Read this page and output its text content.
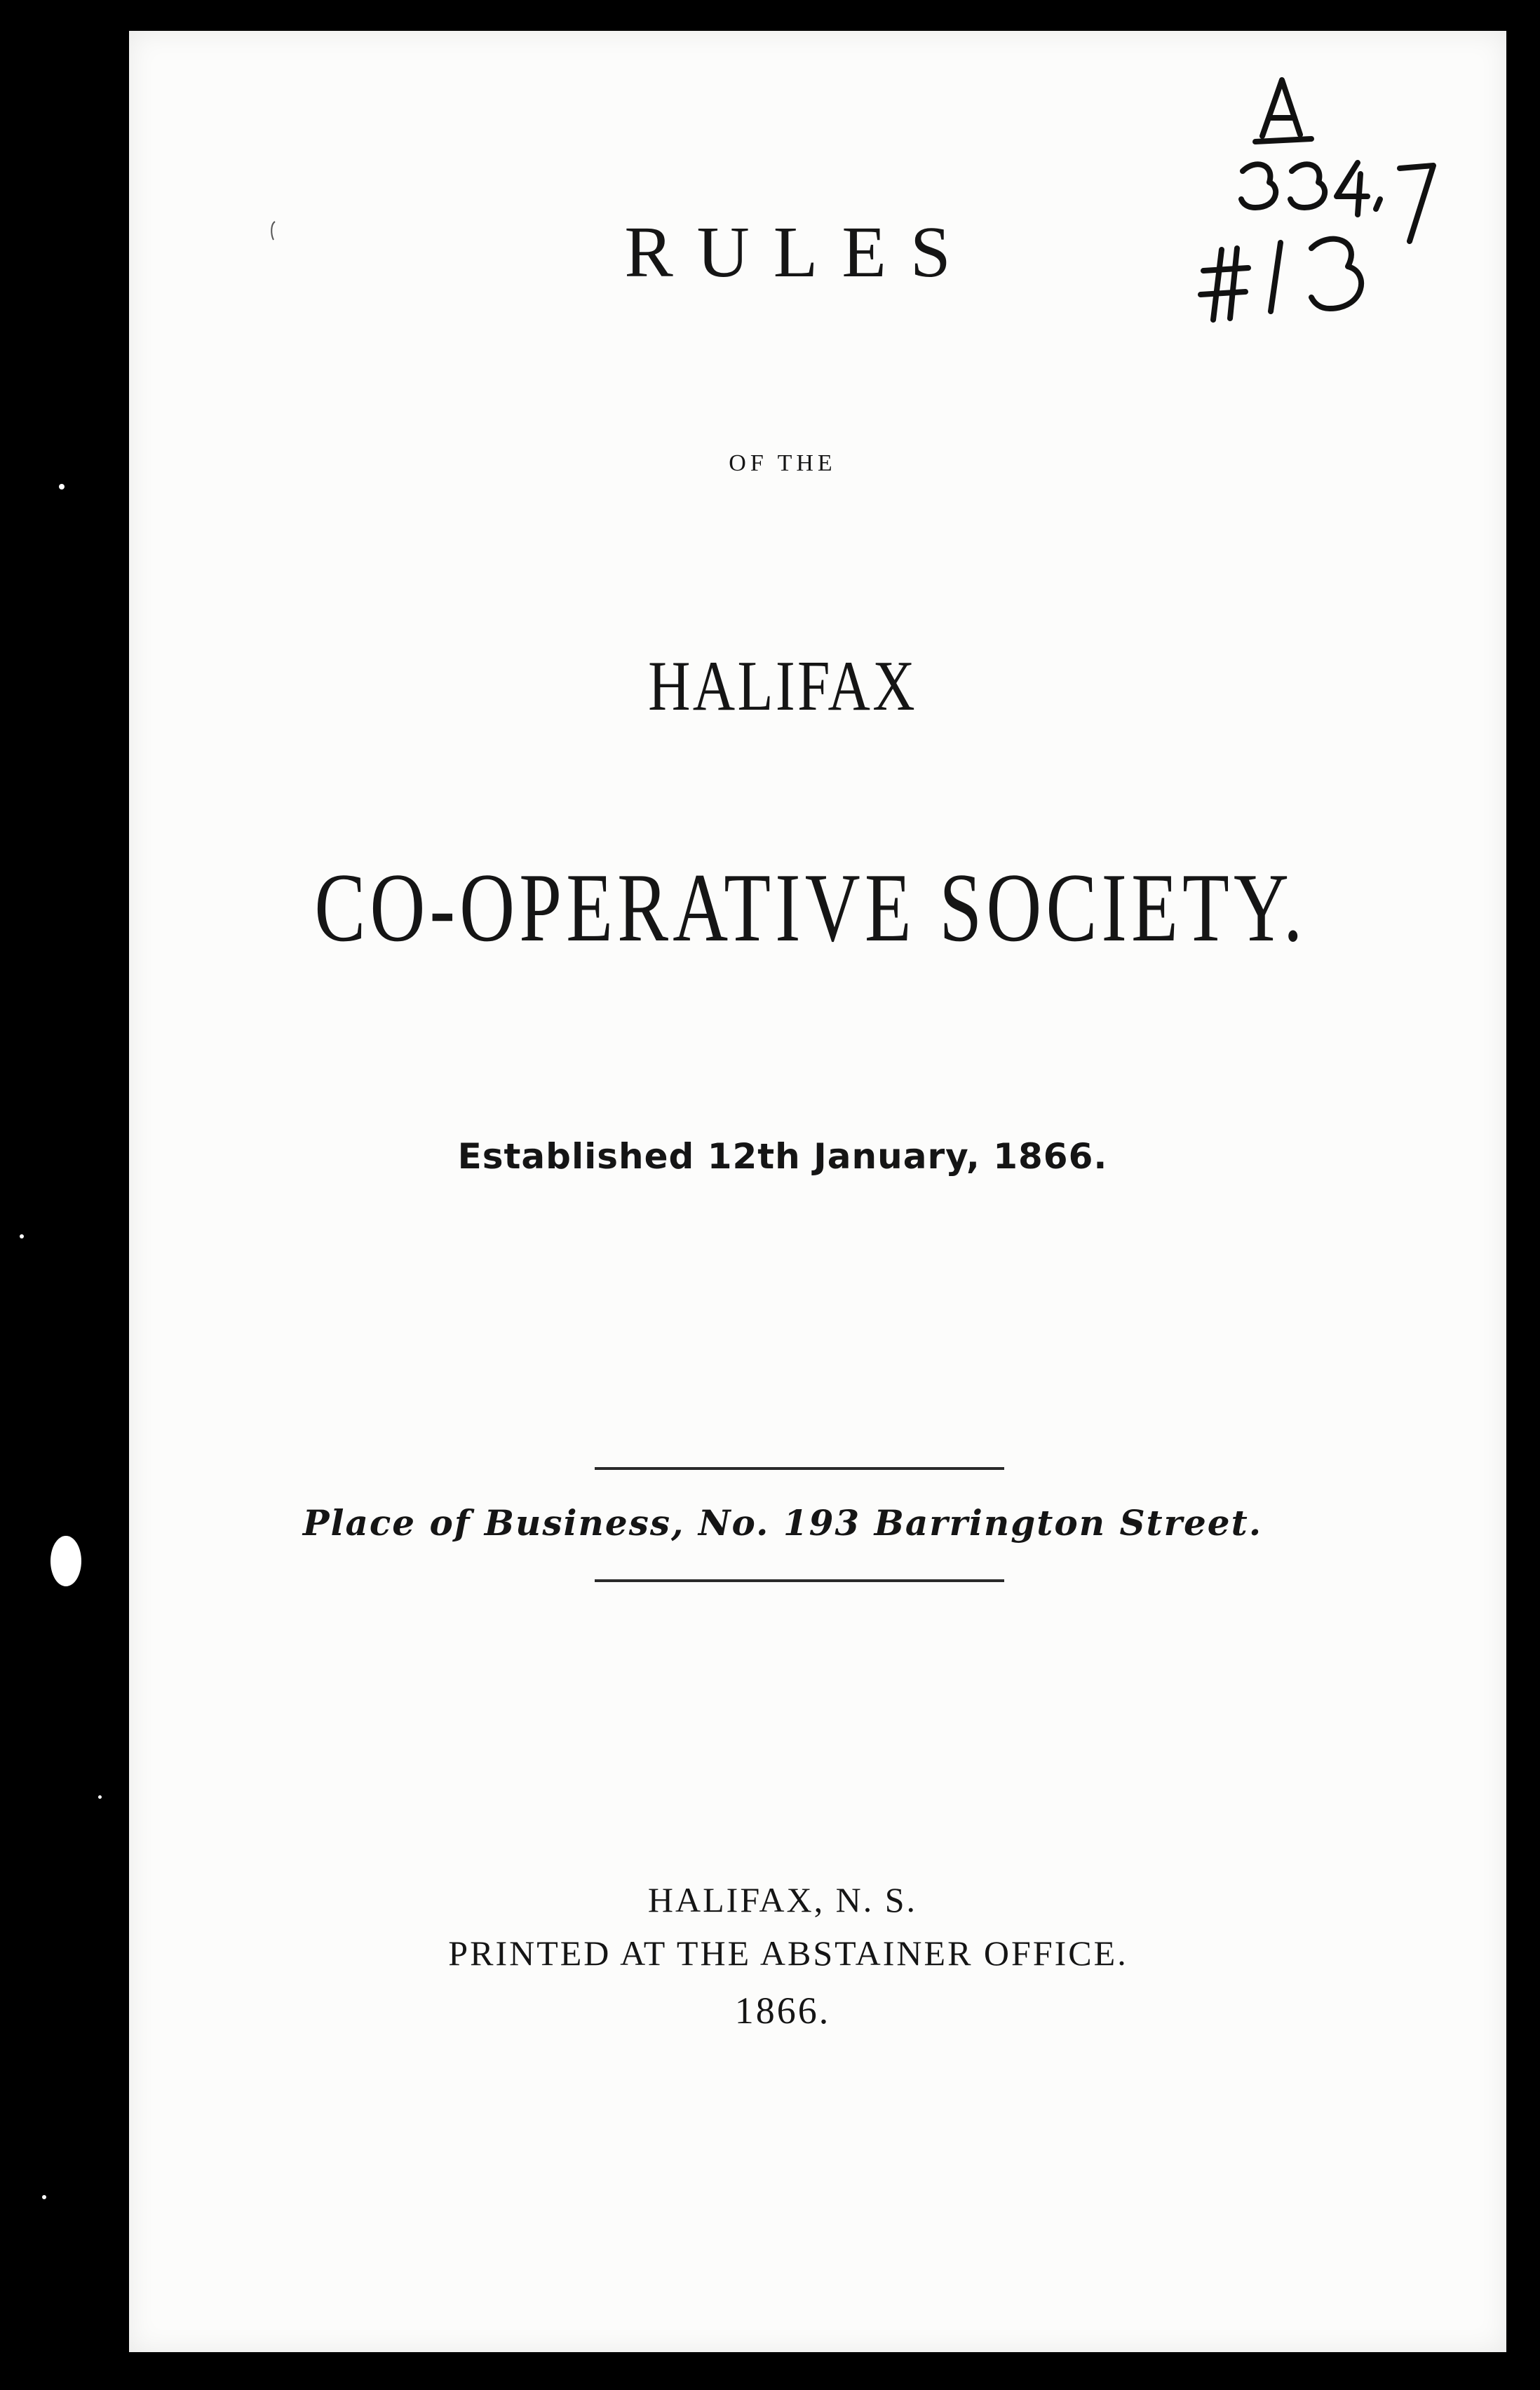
RULES
OF THE
HALIFAX
CO-OPERATIVE SOCIETY.
Established 12th January, 1866.
Place of Business, No. 193 Barrington Street.
HALIFAX, N. S.
PRINTED AT THE ABSTAINER OFFICE.
1866.
